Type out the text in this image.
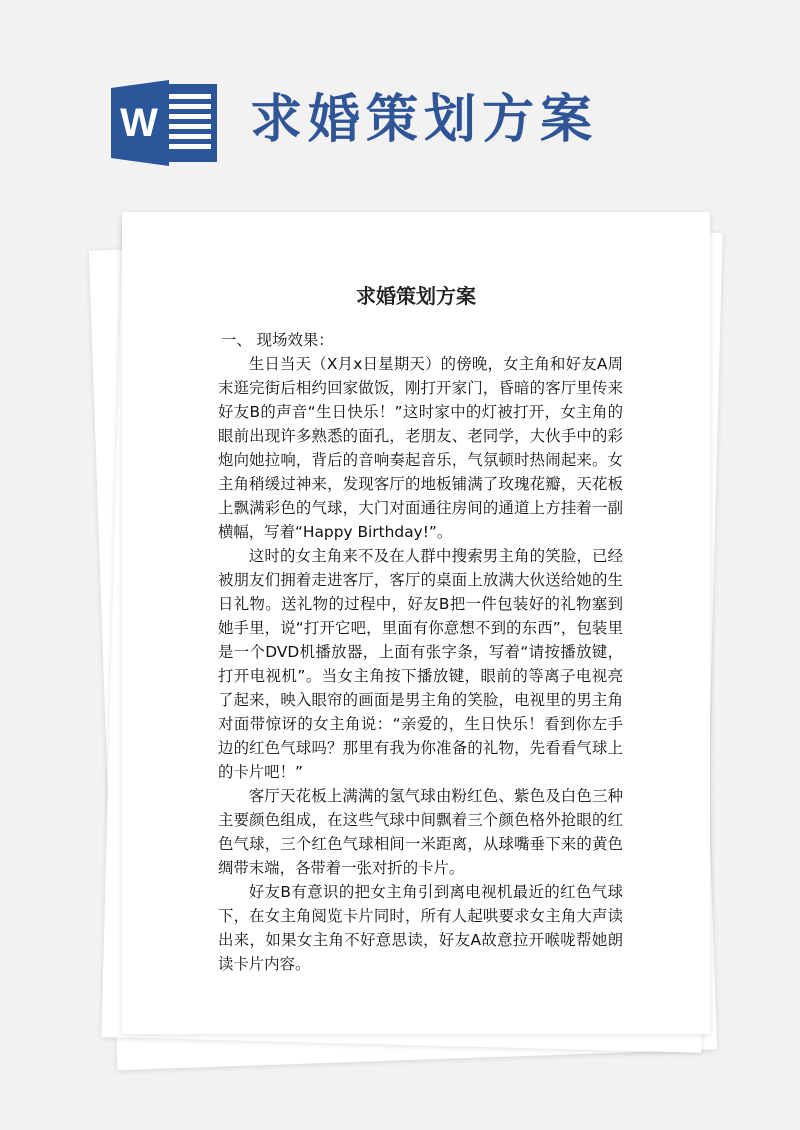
W 求婚策划方案
求婚策划方案

一、 现场效果：

生日当天（X月x日星期天）的傍晚，女主角和好友A周末逛完街后相约回家做饭，刚打开家门，昏暗的客厅里传来好友B的声音“生日快乐！”这时家中的灯被打开，女主角的眼前出现许多熟悉的面孔，老朋友、老同学，大伙手中的彩炮向她拉响，背后的音响奏起音乐，气氛顿时热闹起来。女主角稍缓过神来，发现客厅的地板铺满了玫瑰花瓣，天花板上飘满彩色的气球，大门对面通往房间的通道上方挂着一副横幅，写着“Happy Birthday!”。

这时的女主角来不及在人群中搜索男主角的笑脸，已经被朋友们拥着走进客厅，客厅的桌面上放满大伙送给她的生日礼物。送礼物的过程中，好友B把一件包装好的礼物塞到她手里，说“打开它吧，里面有你意想不到的东西”，包装里是一个DVD机播放器，上面有张字条，写着“请按播放键，打开电视机”。当女主角按下播放键，眼前的等离子电视亮了起来，映入眼帘的画面是男主角的笑脸，电视里的男主角对面带惊讶的女主角说：“亲爱的，生日快乐！看到你左手边的红色气球吗？那里有我为你准备的礼物，先看看气球上的卡片吧！”

客厅天花板上满满的氢气球由粉红色、紫色及白色三种主要颜色组成，在这些气球中间飘着三个颜色格外抢眼的红色气球，三个红色气球相间一米距离，从球嘴垂下来的黄色绸带末端，各带着一张对折的卡片。

好友B有意识的把女主角引到离电视机最近的红色气球下，在女主角阅览卡片同时，所有人起哄要求女主角大声读出来，如果女主角不好意思读，好友A故意拉开喉咙帮她朗读卡片内容。
